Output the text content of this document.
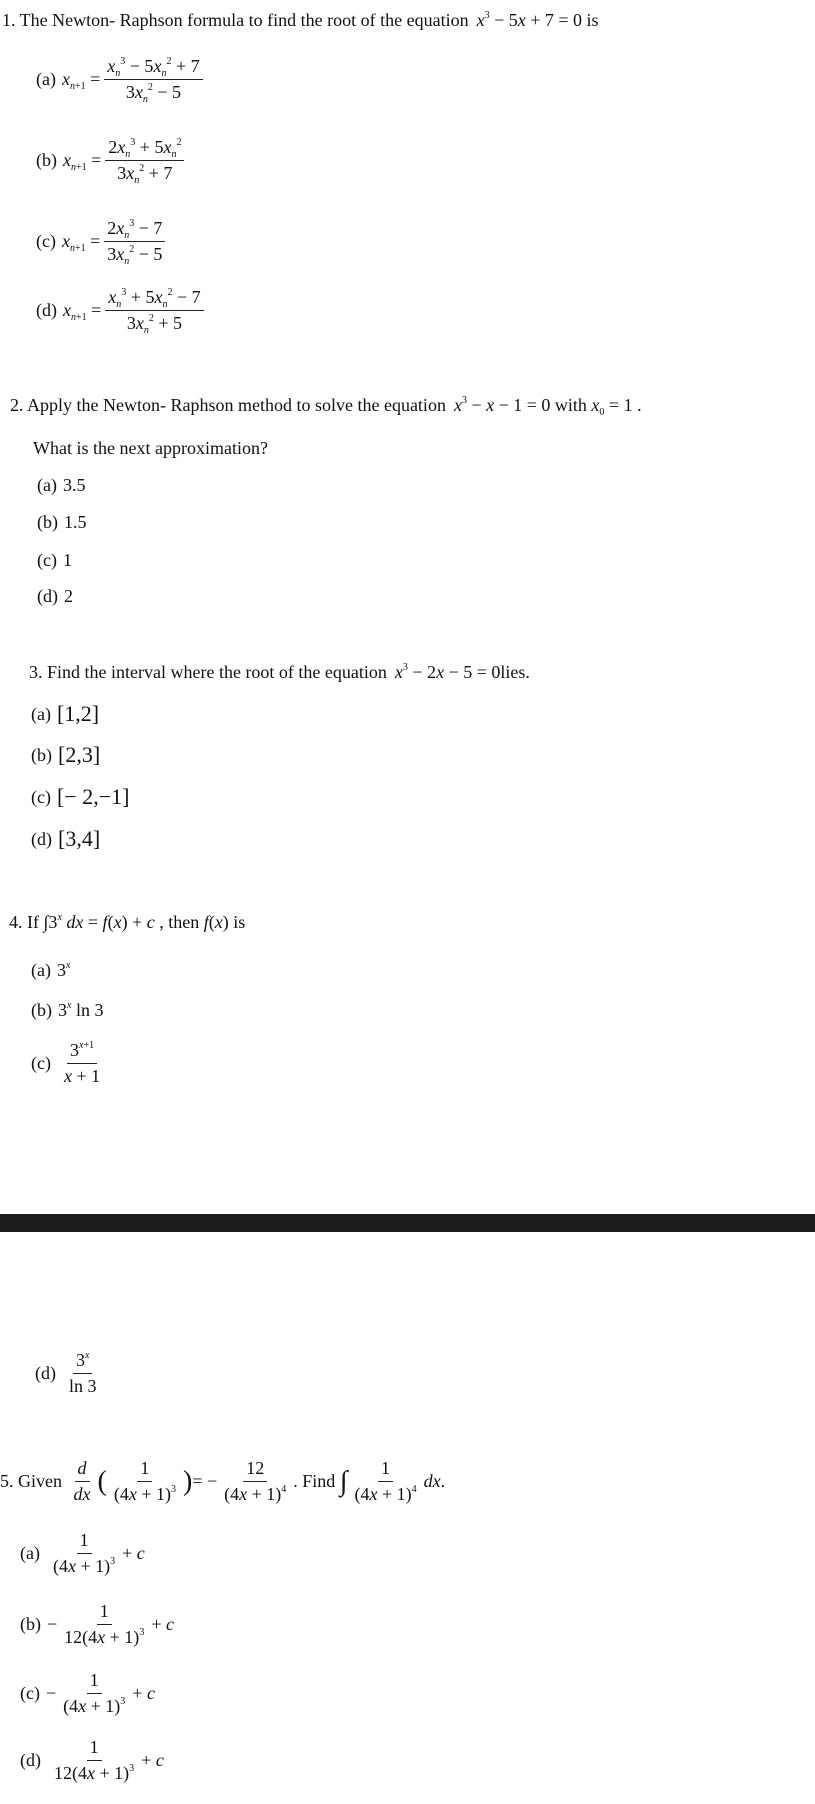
1. The Newton- Raphson formula to find the root of the equation $x^3 - 5x + 7 = 0$
is
(a) $x_{n+1} = \frac{x_n^3 - 5x_n^2 + 7}{3x_n^2 - 5}$
(b) $x_{n+1} = \frac{2x_n^3 + 5x_n^2}{3x_n^2 + 7}$
(c) $x_{n+1} = \frac{2x_n^3 - 7}{3x_n^2 - 5}$
(d) $x_{n+1} = \frac{x_n^3 + 5x_n^2 - 7}{3x_n^2 + 5}$
2. Apply the Newton- Raphson method to solve the equation $x^3 - x - 1 = 0$
with
$x_0 = 1$ .
What is the next approximation?
(a) 3.5
(b) 1.5
(c) 1
(d) 2
3. Find the interval where the root of the equation $x^3 - 2x - 5 = 0$ lies.
(a) [1,2]
(b) [2,3]
(c) [− 2,−1]
(d) [3,4]
4. If
∫3$^x$ dx = f(x) + c ,
then
f(x)
is
(a) 3$^x$
(b) 3$^x$ ln 3
$(c) \frac{3^{x+1}}{x + 1}$
$(d) \frac{3^x}{\ln 3}$
5. Given
$\frac{d}{dx}$ ( $\frac{1}{(4x + 1)^3}$ ) = − $\frac{12}{(4x + 1)^4}$ . Find
∫ $\frac{1}{(4x + 1)^4}$ dx.
$(a) \frac{1}{(4x + 1)^3} + c$
$(b) - \frac{1}{12(4x + 1)^3} + c$
$(c) - \frac{1}{(4x + 1)^3} + c$
$(d) \frac{1}{12(4x + 1)^3} + c$
